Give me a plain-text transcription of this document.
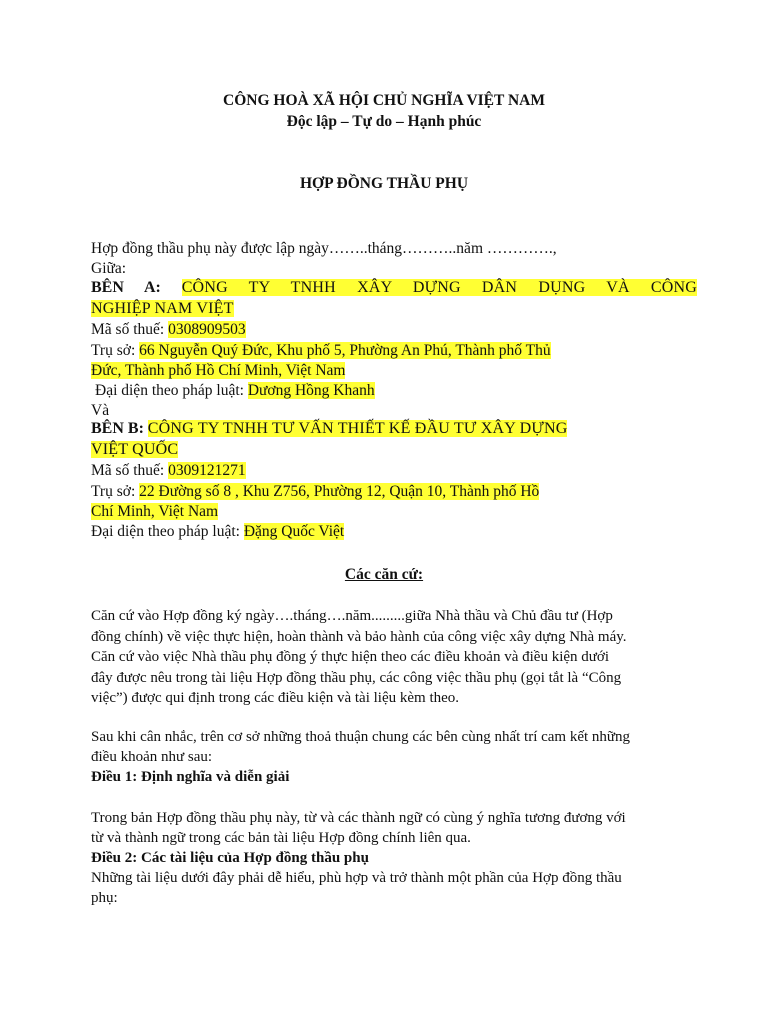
CÔNG HOÀ XÃ HỘI CHỦ NGHĨA VIỆT NAM
Độc lập – Tự do – Hạnh phúc
HỢP ĐỒNG THẦU PHỤ
Hợp đồng thầu phụ này được lập ngày……..tháng………..năm ………….,
Giữa:
BÊN A: CÔNG TY TNHH XÂY DỰNG DÂN DỤNG VÀ CÔNG
NGHIỆP NAM VIỆT
Mã số thuế: 0308909503
Trụ sở: 66 Nguyễn Quý Đức, Khu phố 5, Phường An Phú, Thành phố Thủ
Đức, Thành phố Hồ Chí Minh, Việt Nam
Đại diện theo pháp luật: Dương Hồng Khanh
Và
BÊN B: CÔNG TY TNHH TƯ VẤN THIẾT KẾ ĐẦU TƯ XÂY DỰNG
VIỆT QUỐC
Mã số thuế: 0309121271
Trụ sở: 22 Đường số 8 , Khu Z756, Phường 12, Quận 10, Thành phố Hồ
Chí Minh, Việt Nam
Đại diện theo pháp luật: Đặng Quốc Việt
Các căn cứ:
Căn cứ vào Hợp đồng ký ngày….tháng….năm.........giữa Nhà thầu và Chủ đầu tư (Hợp
đồng chính) về việc thực hiện, hoàn thành và bảo hành của công việc xây dựng Nhà máy.
Căn cứ vào việc Nhà thầu phụ đồng ý thực hiện theo các điều khoản và điều kiện dưới
đây được nêu trong tài liệu Hợp đồng thầu phụ, các công việc thầu phụ (gọi tắt là “Công
việc”) được qui định trong các điều kiện và tài liệu kèm theo.
Sau khi cân nhắc, trên cơ sở những thoả thuận chung các bên cùng nhất trí cam kết những
điều khoản như sau:
Điều 1: Định nghĩa và diễn giải
Trong bản Hợp đồng thầu phụ này, từ và các thành ngữ có cùng ý nghĩa tương đương với
từ và thành ngữ trong các bản tài liệu Hợp đồng chính liên qua.
Điều 2: Các tài liệu của Hợp đồng thầu phụ
Những tài liệu dưới đây phải dễ hiểu, phù hợp và trở thành một phần của Hợp đồng thầu
phụ:
